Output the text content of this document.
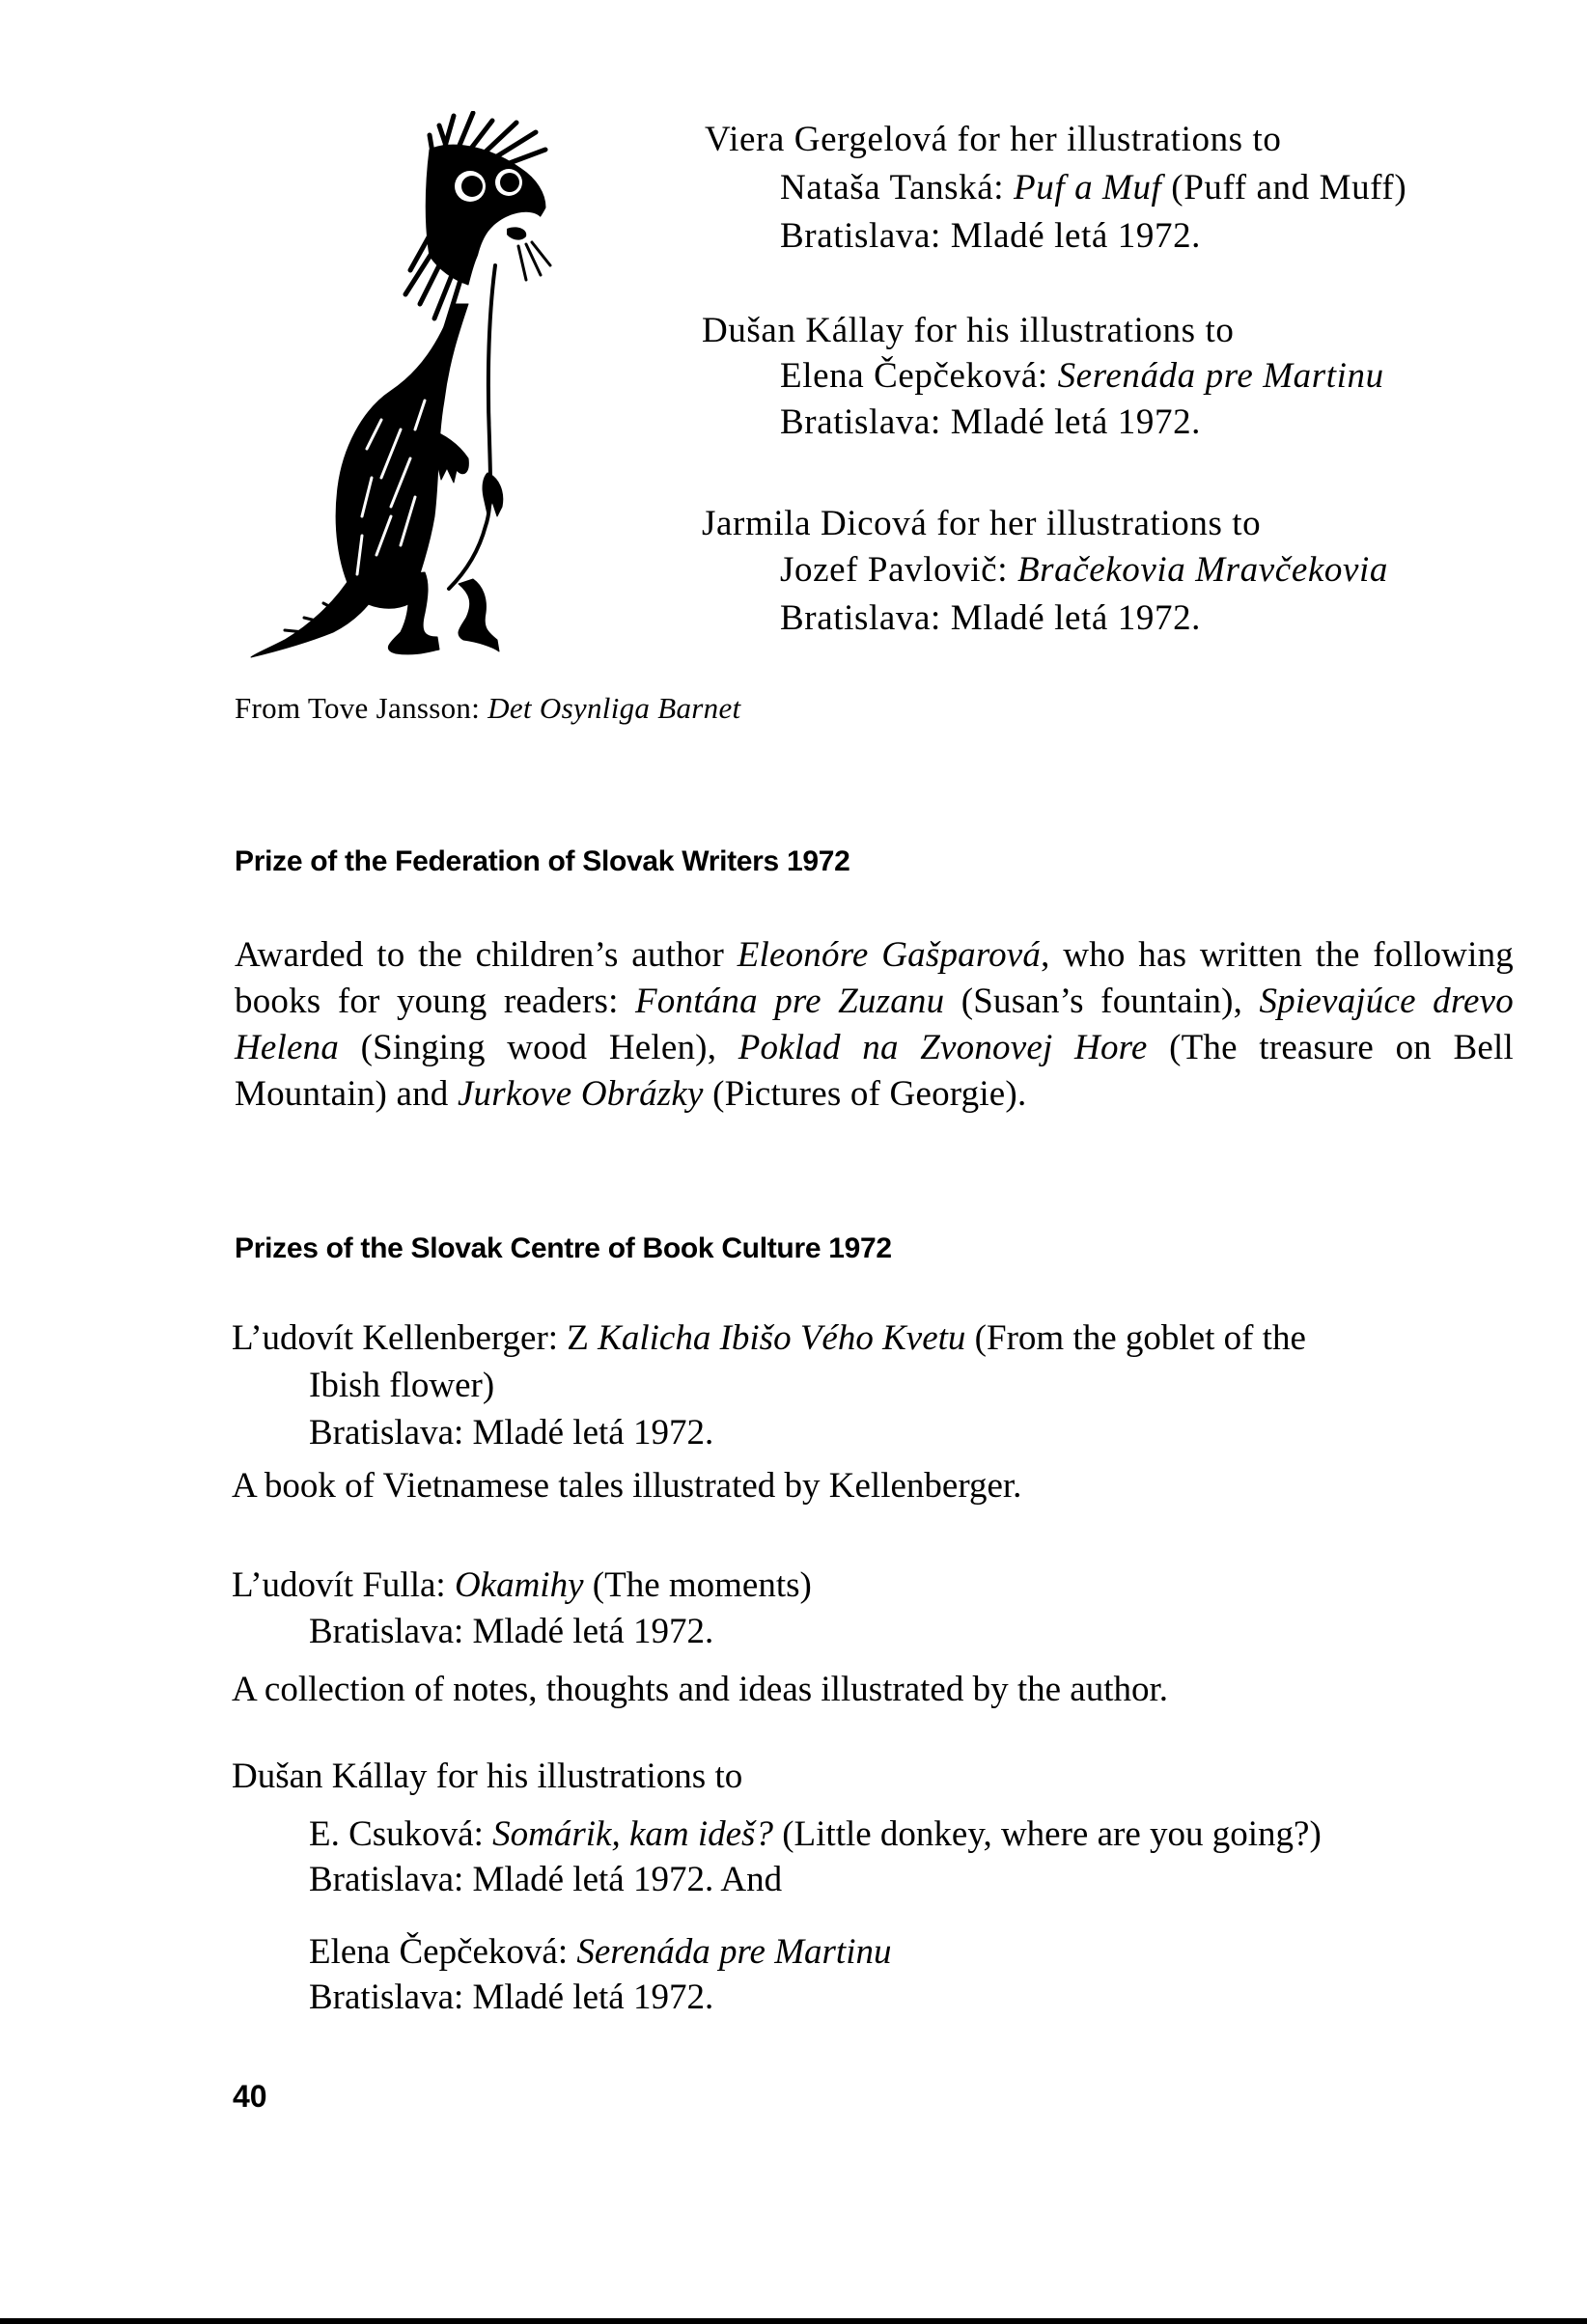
Viera Gergelová for her illustrations to
Nataša Tanská: Puf a Muf (Puff and Muff)
Bratislava: Mladé letá 1972.
Dušan Kállay for his illustrations to
Elena Čepčeková: Serenáda pre Martinu
Bratislava: Mladé letá 1972.
Jarmila Dicová for her illustrations to
Jozef Pavlovič: Bračekovia Mravčekovia
Bratislava: Mladé letá 1972.
From Tove Jansson: Det Osynliga Barnet
Prize of the Federation of Slovak Writers 1972
Awarded to the children’s author Eleonóre Gašparová, who has written the following books for young readers: Fontána pre Zuzanu (Susan’s fountain), Spievajúce drevo Helena (Singing wood Helen), Poklad na Zvonovej Hore (The treasure on Bell Mountain) and Jurkove Obrázky (Pictures of Georgie).
Prizes of the Slovak Centre of Book Culture 1972
L’udovít Kellenberger: Z Kalicha Ibišo Vého Kvetu (From the goblet of the
Ibish flower)
Bratislava: Mladé letá 1972.
A book of Vietnamese tales illustrated by Kellenberger.
L’udovít Fulla: Okamihy (The moments)
Bratislava: Mladé letá 1972.
A collection of notes, thoughts and ideas illustrated by the author.
Dušan Kállay for his illustrations to
E. Csuková: Somárik, kam ideš? (Little donkey, where are you going?)
Bratislava: Mladé letá 1972. And
Elena Čepčeková: Serenáda pre Martinu
Bratislava: Mladé letá 1972.
40
